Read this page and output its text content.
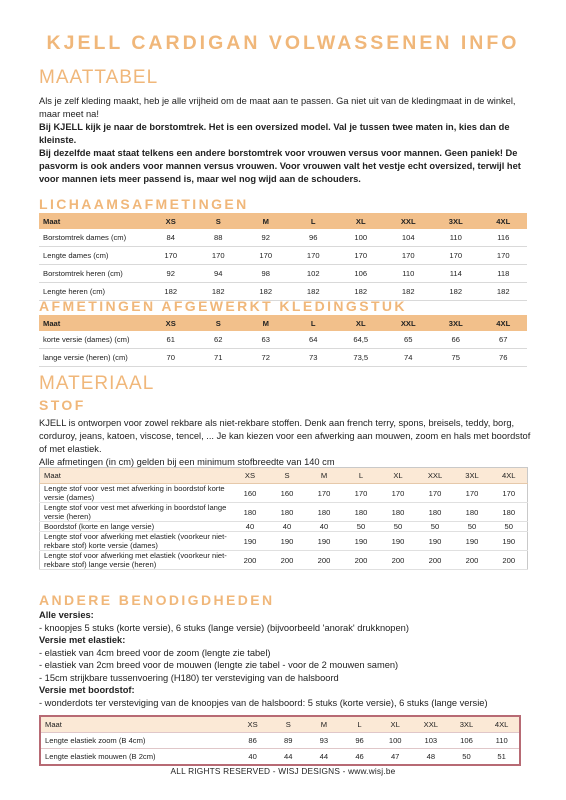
KJELL CARDIGAN VOLWASSENEN INFO
MAATTABEL

Als je zelf kleding maakt, heb je alle vrijheid om de maat aan te passen. Ga niet uit van de kledingmaat in de winkel, maar meet na!

Bij KJELL kijk je naar de borstomtrek. Het is een oversized model. Val je tussen twee maten in, kies dan de kleinste.

Bij dezelfde maat staat telkens een andere borstomtrek voor vrouwen versus voor mannen. Geen paniek! De pasvorm is ook anders voor mannen versus vrouwen. Voor vrouwen valt het vestje echt oversized, terwijl het voor mannen iets meer passend is, maar wel nog wijd aan de schouders.

LICHAAMSAFMETINGEN
Maat	XS	S	M	L	XL	XXL	3XL	4XL
Borstomtrek dames (cm)	84	88	92	96	100	104	110	116
Lengte dames (cm)	170	170	170	170	170	170	170	170
Borstomtrek heren (cm)	92	94	98	102	106	110	114	118
Lengte heren (cm)	182	182	182	182	182	182	182	182
AFMETINGEN AFGEWERKT KLEDINGSTUK
Maat	XS	S	M	L	XL	XXL	3XL	4XL
korte versie (dames) (cm)	61	62	63	64	64,5	65	66	67
lange versie (heren) (cm)	70	71	72	73	73,5	74	75	76
MATERIAAL
STOF

KJELL is ontworpen voor zowel rekbare als niet-rekbare stoffen. Denk aan french terry, spons, breisels, teddy, borg, corduroy, jeans, katoen, viscose, tencel, ... Je kan kiezen voor een afwerking aan mouwen, zoom en hals met boordstof of met elastiek.

Alle afmetingen (in cm) gelden bij een minimum stofbreedte van 140 cm

Maat	XS	S	M	L	XL	XXL	3XL	4XL
Lengte stof voor vest met afwerking in boordstof korte versie (dames)	160	160	170	170	170	170	170	170
Lengte stof voor vest met afwerking in boordstof lange versie (heren)	180	180	180	180	180	180	180	180
Boordstof (korte en lange versie)	40	40	40	50	50	50	50	50
Lengte stof voor afwerking met elastiek (voorkeur niet-rekbare stof) korte versie (dames)	190	190	190	190	190	190	190	190
Lengte stof voor afwerking met elastiek (voorkeur niet-rekbare stof) lange versie (heren)	200	200	200	200	200	200	200	200
ANDERE BENODIGDHEDEN
Alle versies:
- knoopjes 5 stuks (korte versie), 6 stuks (lange versie) (bijvoorbeeld 'anorak' drukknopen)
Versie met elastiek:
- elastiek van 4cm breed voor de zoom (lengte zie tabel)
- elastiek van 2cm breed voor de mouwen (lengte zie tabel - voor de 2 mouwen samen)
- 15cm strijkbare tussenvoering (H180) ter versteviging van de halsboord
Versie met boordstof:
- wonderdots ter versteviging van de knoopjes van de halsboord: 5 stuks (korte versie), 6 stuks (lange versie)
Maat	XS	S	M	L	XL	XXL	3XL	4XL
Lengte elastiek zoom (B 4cm)	86	89	93	96	100	103	106	110
Lengte elastiek mouwen (B 2cm)	40	44	44	46	47	48	50	51
ALL RIGHTS RESERVED - WISJ DESIGNS - www.wisj.be
